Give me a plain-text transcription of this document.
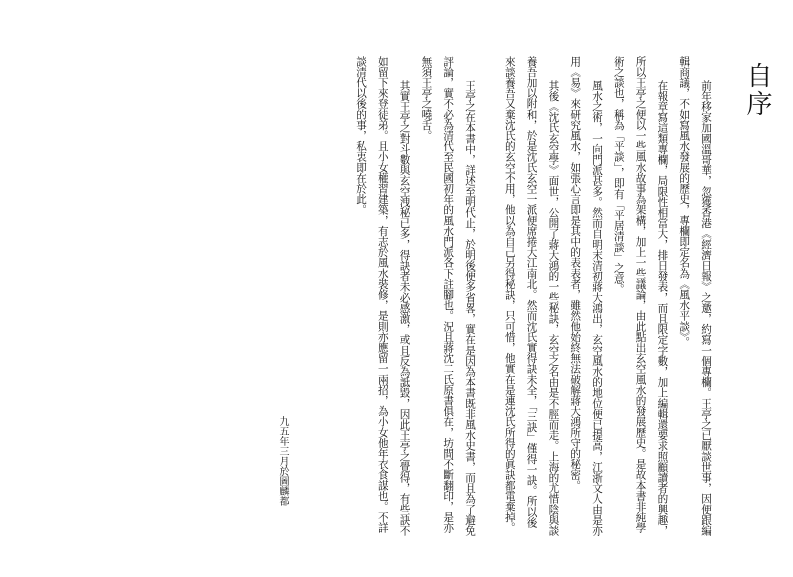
自序
前年移家加國溫哥華，忽獲香港《經濟日報》之邀，約寫一個專欄。王亭之已厭談世事，因便跟編
輯商議，不如寫風水發展的歷史，專欄即定名為《風水平談》。
在報章寫這類專欄，局限性相當大，排日發表，而且限定字數，加上編輯還要求照顧讀者的興趣，
所以王亭之便以一些風水故事為架構，加上一些議論，由此點出玄空風水的發展歷史。是故本書非純學
術之談也，稱為「平談」，即有「平居清談」之意。
風水之術，一向門派甚多。然而自明末清初蔣大鴻出，玄空風水的地位便已提高，江浙文人由是亦
用《易》來研究風水，如張心言即是其中的表表者，雖然他始終無法破解蔣大鴻所守的秘密。
其後《沈氏玄空學》面世，公開了蔣大鴻的一些秘訣，玄空之名由是不脛而走。上海的尤惜陰與談
養吾加以附和，於是沈氏玄空一派便席捲大江南北。然而沈氏實得訣未全，「三訣」僅得一訣。所以後
來談養吾又棄沈氏的玄空不用，他以為自己另得秘訣，只可惜，他實在是連沈氏所得的眞訣都電棄掉。
王亭之在本書中，詳述至明代止，於明後便多省畧，實在是因為本書既非風水史書，而且為了避免
評論，實不必為清代至民國初年的風水門派各下註腳也。況且蔣沈二氏原書俱在，坊間不斷翻印，是亦
無須王亭之嘵舌。
其實王亭之對斗數與玄空洩秘已多，得訣者未必感激，或且反為詆毀，因此王亭之覺得，有些訣不
如留下來登徒弟。且小女權習建築，有志於風水裝修，是則亦應留一兩招，為小女他年衣食謀也。不詳
談清代以後的事，私衷即在於此。
九五年三月於圖麟都
